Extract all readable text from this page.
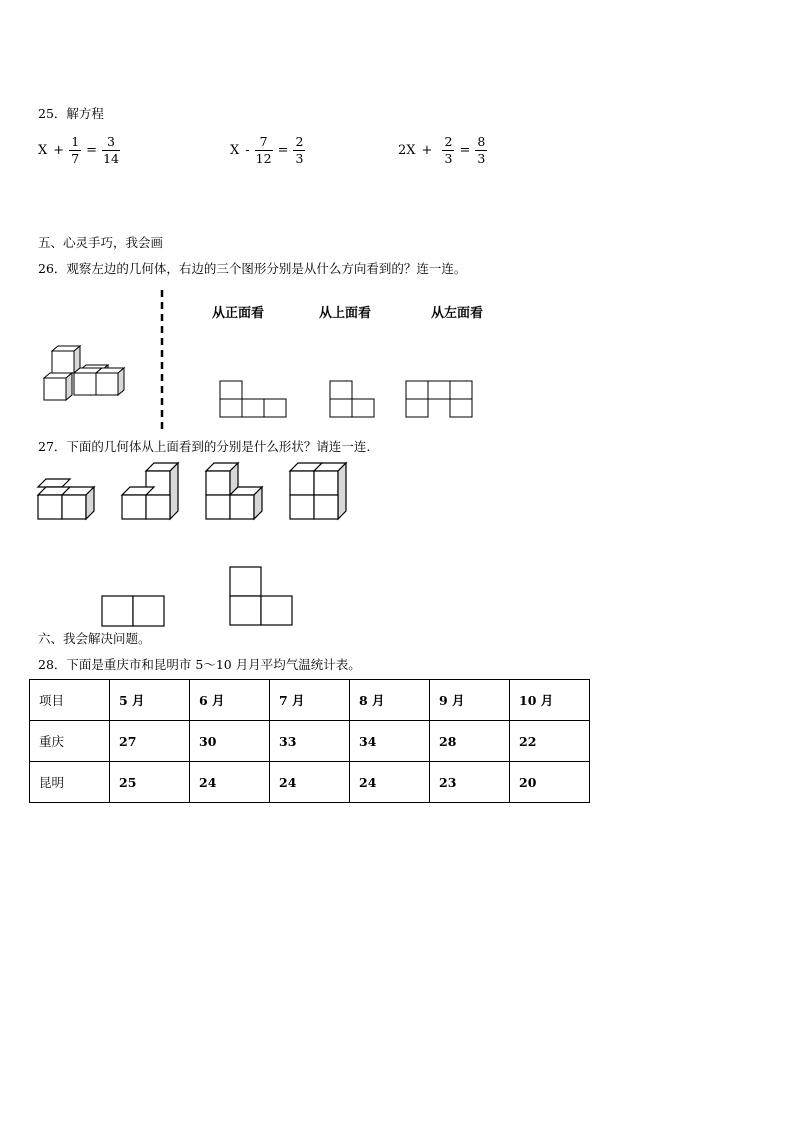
25．解方程
$X + \frac{1}{7} = \frac{3}{14}$	$X - \frac{7}{12} = \frac{2}{3}$	$2X + \frac{2}{3} = \frac{8}{3}$
五、心灵手巧，我会画
26．观察左边的几何体，右边的三个图形分别是从什么方向看到的？连一连。
从正面看	从上面看	从左面看
27．下面的几何体从上面看到的分别是什么形状？请连一连.
六、我会解决问题。
28．下面是重庆市和昆明市 5～10 月月平均气温统计表。
项目	5 月	6 月	7 月	8 月	9 月	10 月
重庆	27	30	33	34	28	22
昆明	25	24	24	24	23	20
